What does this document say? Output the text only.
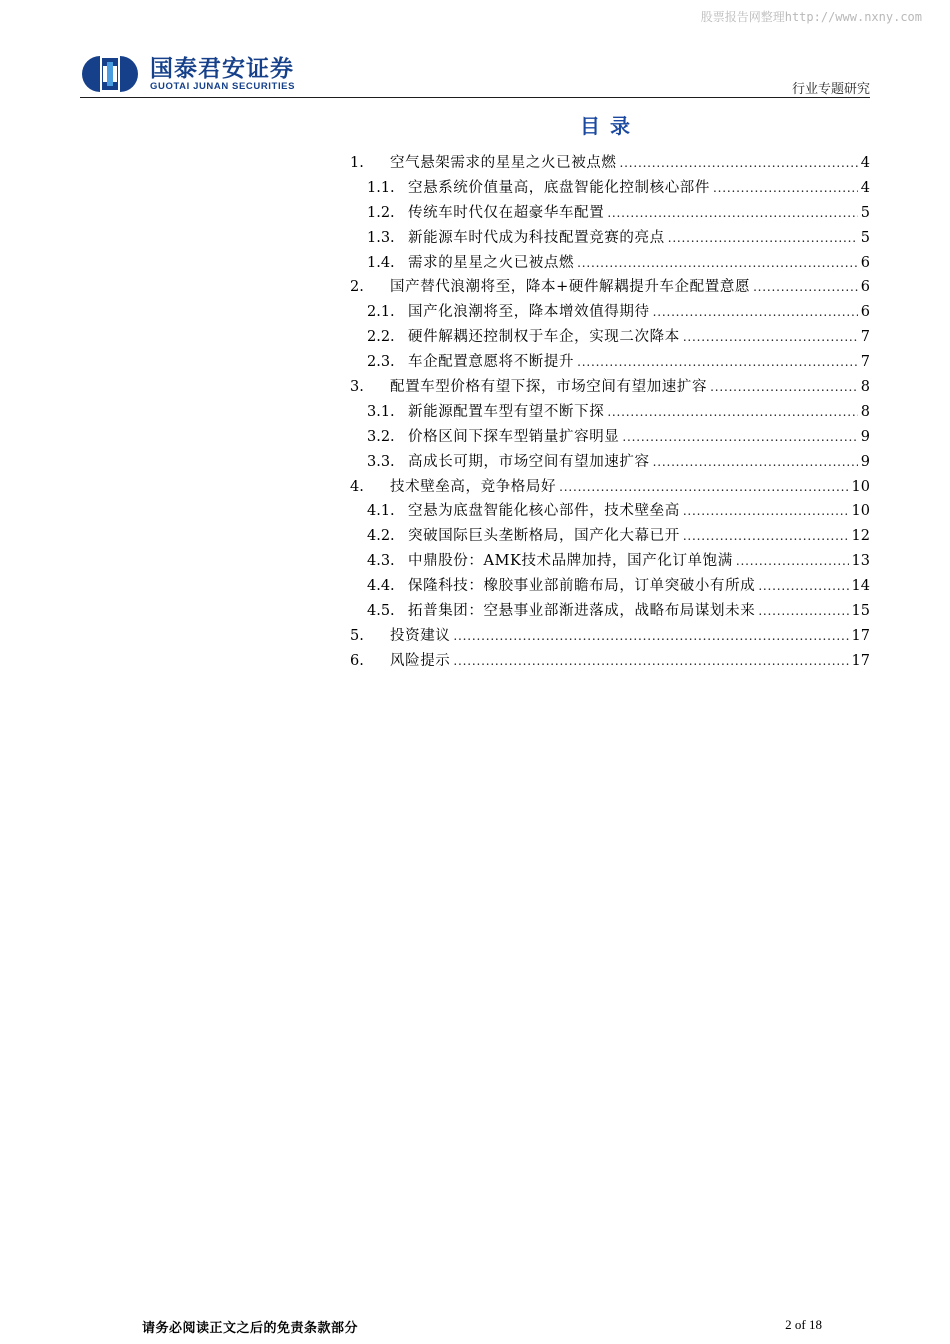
股票报告网整理http://www.nxny.com
国泰君安证券
GUOTAI JUNAN SECURITIES	行业专题研究
目录
1.	空气悬架需求的星星之火已被点燃 .....	4
1.1. 空悬系统价值量高，底盘智能化控制核心部件 .....	4
1.2. 传统车时代仅在超豪华车配置 .....	5
1.3. 新能源车时代成为科技配置竞赛的亮点 .....	5
1.4. 需求的星星之火已被点燃 .....	6
2.	国产替代浪潮将至，降本+硬件解耦提升车企配置意愿 .....	6
2.1. 国产化浪潮将至，降本增效值得期待 .....	6
2.2. 硬件解耦还控制权于车企，实现二次降本 .....	7
2.3. 车企配置意愿将不断提升 .....	7
3.	配置车型价格有望下探，市场空间有望加速扩容 .....	8
3.1. 新能源配置车型有望不断下探 .....	8
3.2. 价格区间下探车型销量扩容明显 .....	9
3.3. 高成长可期，市场空间有望加速扩容 .....	9
4.	技术壁垒高，竞争格局好 .....	10
4.1. 空悬为底盘智能化核心部件，技术壁垒高 .....	10
4.2. 突破国际巨头垄断格局，国产化大幕已开 .....	12
4.3. 中鼎股份：AMK技术品牌加持，国产化订单饱满 .....	13
4.4. 保隆科技：橡胶事业部前瞻布局，订单突破小有所成 .....	14
4.5. 拓普集团：空悬事业部渐进落成，战略布局谋划未来 .....	15
5.	投资建议 .....	17
6.	风险提示 .....	17
请务必阅读正文之后的免责条款部分	2 of 18
